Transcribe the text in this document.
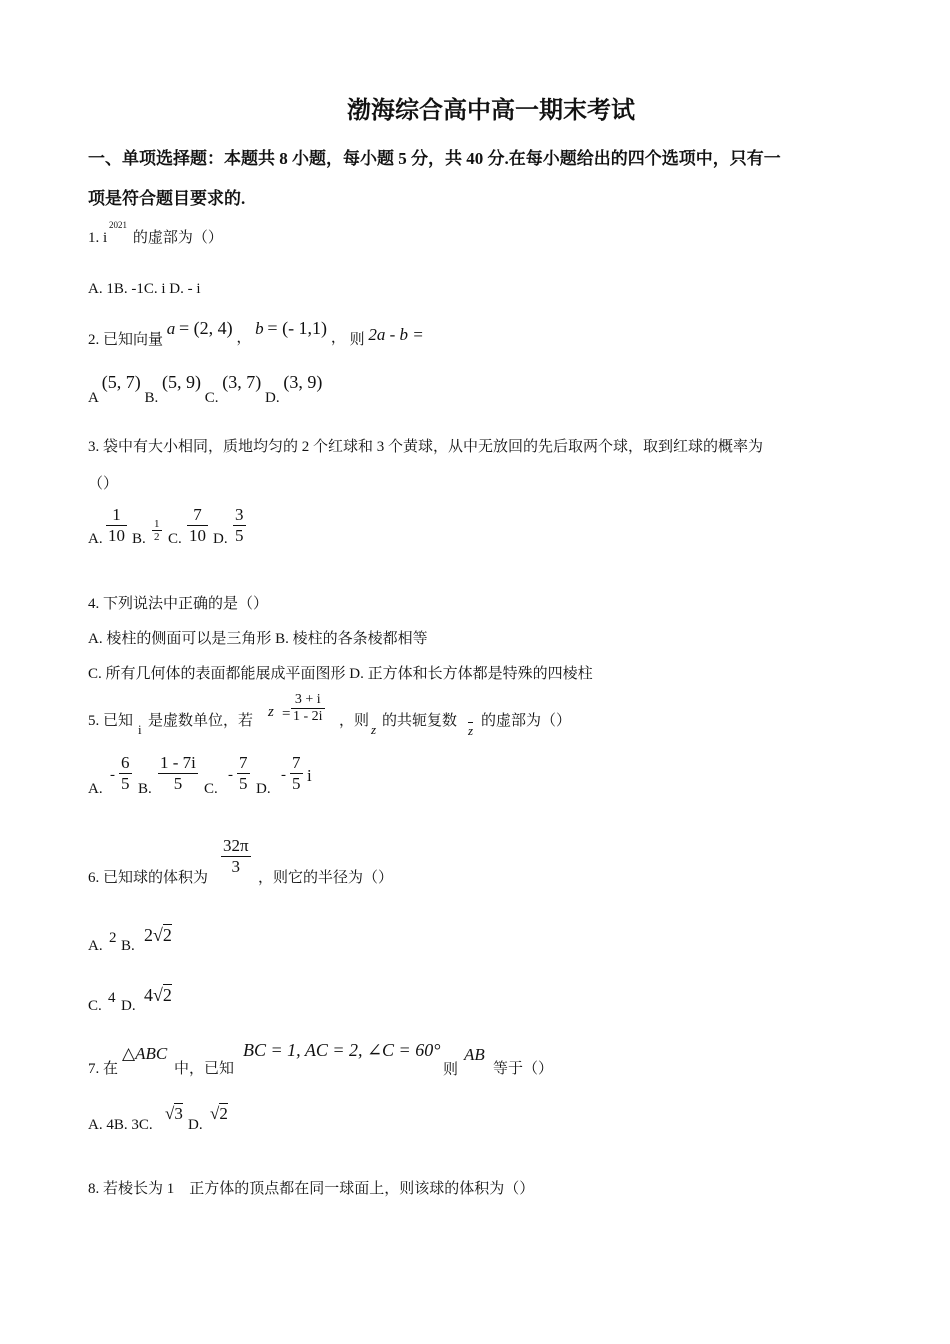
渤海综合高中高一期末考试
一、单项选择题：本题共 8 小题，每小题 5 分，共 40 分.在每小题给出的四个选项中，只有一
项是符合题目要求的.
1. i
2021
的虚部为（）
A. 1B. -1C. i D. - i
2. 已知向量 a = (2, 4) ， b = (- 1,1) ， 则 2a - b =
A (5, 7) B. (5, 9) C. (3, 7) D. (3, 9)
3. 袋中有大小相同，质地均匀的 2 个红球和 3 个黄球，从中无放回的先后取两个球，取到红球的概率为
（）
A. $\frac{1}{10} B$. $\frac{1}{2} C$. $\frac{7}{10} D$. $\frac{3}{5}$
4. 下列说法中正确的是（）
A. 棱柱的侧面可以是三角形 B. 棱柱的各条棱都相等
C. 所有几何体的表面都能展成平面图形 D. 正方体和长方体都是特殊的四棱柱
5. 已知
i
是虚数单位，若
$z = \frac{3 + i}{1 - 2i}$ ，则
z
的共轭复数
z
的虚部为（）
A.
- $\frac{6}{5} B$. $\frac{1 - 7i}{5} C$.
- $\frac{7}{5} D$.
- $\frac{7}{5}$ i
6. 已知球的体积为
$\frac{32\pi}{3}$
，则它的半径为（）
A. 2 B.
2√2
C. 4 D.
4√2
7. 在
△ABC
中，已知
BC = 1, AC = 2, ∠C = 60°
则
AB
等于（）
A. 4B. 3C.
√3
D.
√2
8. 若棱长为 1    正方体的顶点都在同一球面上，则该球的体积为（）
